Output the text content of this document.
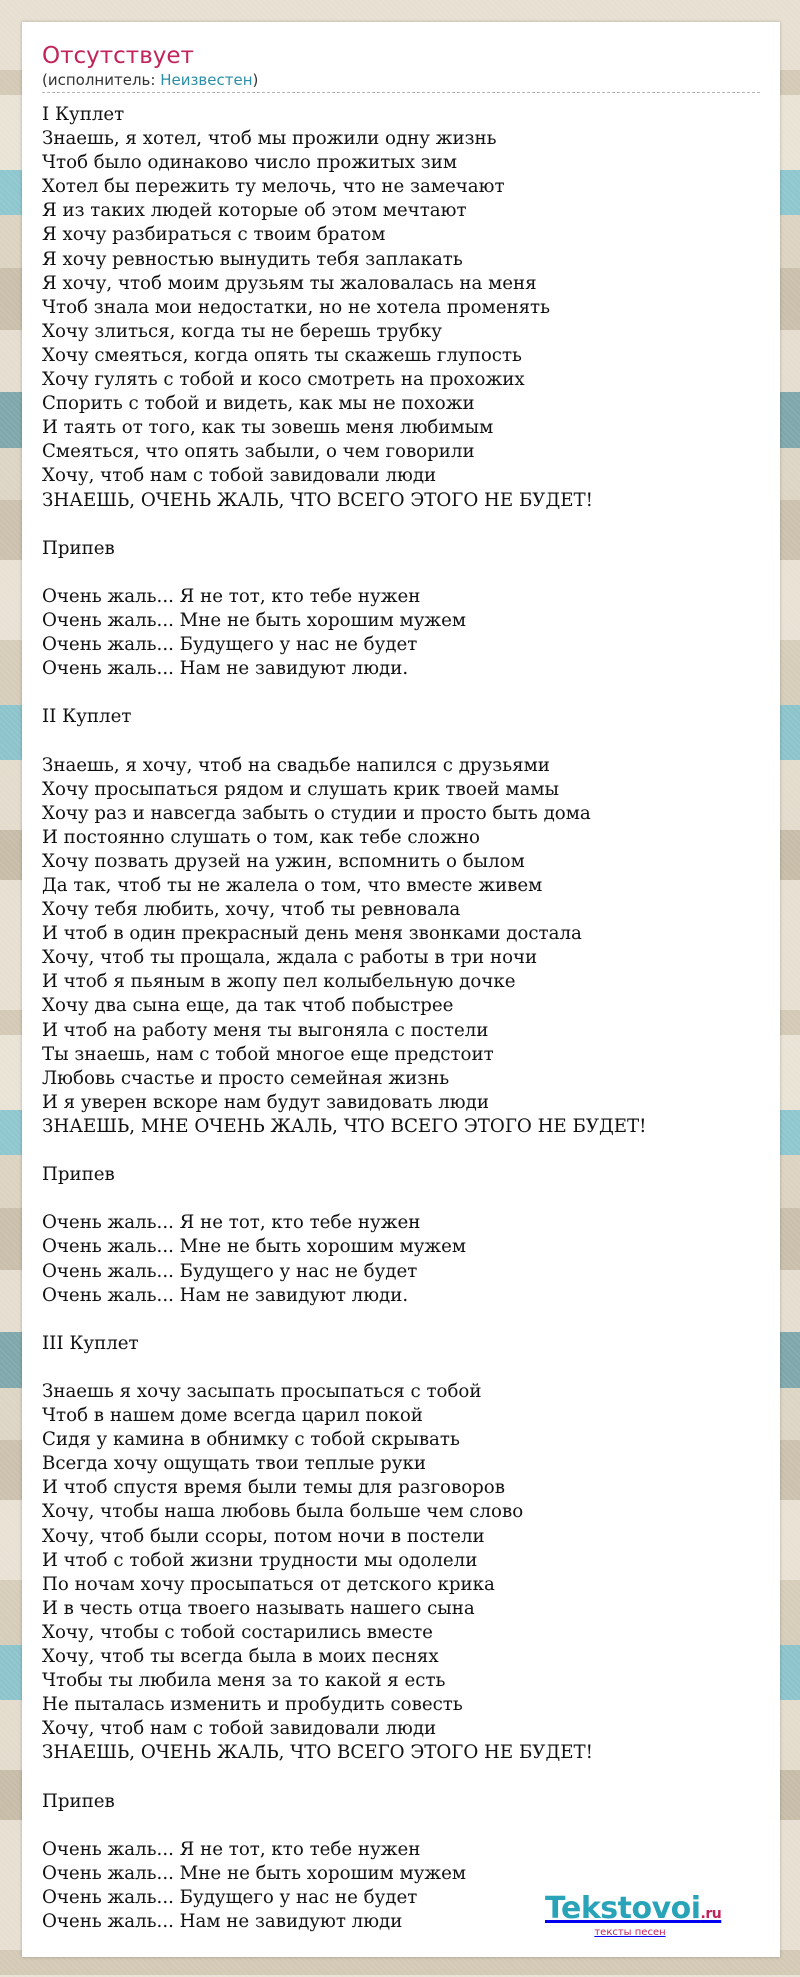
Отсутствует
(исполнитель: Неизвестен)
I Куплет
Знаешь, я хотел, чтоб мы прожили одну жизнь
Чтоб было одинаково число прожитых зим
Хотел бы пережить ту мелочь, что не замечают
Я из таких людей которые об этом мечтают
Я хочу разбираться с твоим братом
Я хочу ревностью вынудить тебя заплакать
Я хочу, чтоб моим друзьям ты жаловалась на меня
Чтоб знала мои недостатки, но не хотела променять
Хочу злиться, когда ты не берешь трубку
Хочу смеяться, когда опять ты скажешь глупость
Хочу гулять с тобой и косо смотреть на прохожих
Спорить с тобой и видеть, как мы не похожи
И таять от того, как ты зовешь меня любимым
Смеяться, что опять забыли, о чем говорили
Хочу, чтоб нам с тобой завидовали люди
ЗНАЕШЬ, ОЧЕНЬ ЖАЛЬ, ЧТО ВСЕГО ЭТОГО НЕ БУДЕТ!
Припев
Очень жаль... Я не тот, кто тебе нужен
Очень жаль... Мне не быть хорошим мужем
Очень жаль... Будущего у нас не будет
Очень жаль... Нам не завидуют люди.
II Куплет
Знаешь, я хочу, чтоб на свадьбе напился с друзьями
Хочу просыпаться рядом и слушать крик твоей мамы
Хочу раз и навсегда забыть о студии и просто быть дома
И постоянно слушать о том, как тебе сложно
Хочу позвать друзей на ужин, вспомнить о былом
Да так, чтоб ты не жалела о том, что вместе живем
Хочу тебя любить, хочу, чтоб ты ревновала
И чтоб в один прекрасный день меня звонками достала
Хочу, чтоб ты прощала, ждала с работы в три ночи
И чтоб я пьяным в жопу пел колыбельную дочке
Хочу два сына еще, да так чтоб побыстрее
И чтоб на работу меня ты выгоняла с постели
Ты знаешь, нам с тобой многое еще предстоит
Любовь счастье и просто семейная жизнь
И я уверен вскоре нам будут завидовать люди
ЗНАЕШЬ, МНЕ ОЧЕНЬ ЖАЛЬ, ЧТО ВСЕГО ЭТОГО НЕ БУДЕТ!
Припев
Очень жаль... Я не тот, кто тебе нужен
Очень жаль... Мне не быть хорошим мужем
Очень жаль... Будущего у нас не будет
Очень жаль... Нам не завидуют люди.
III Куплет
Знаешь я хочу засыпать просыпаться с тобой
Чтоб в нашем доме всегда царил покой
Сидя у камина в обнимку с тобой скрывать
Всегда хочу ощущать твои теплые руки
И чтоб спустя время были темы для разговоров
Хочу, чтобы наша любовь была больше чем слово
Хочу, чтоб были ссоры, потом ночи в постели
И чтоб с тобой жизни трудности мы одолели
По ночам хочу просыпаться от детского крика
И в честь отца твоего называть нашего сына
Хочу, чтобы с тобой состарились вместе
Хочу, чтоб ты всегда была в моих песнях
Чтобы ты любила меня за то какой я есть
Не пыталась изменить и пробудить совесть
Хочу, чтоб нам с тобой завидовали люди
ЗНАЕШЬ, ОЧЕНЬ ЖАЛЬ, ЧТО ВСЕГО ЭТОГО НЕ БУДЕТ!
Припев
Очень жаль... Я не тот, кто тебе нужен
Очень жаль... Мне не быть хорошим мужем
Очень жаль... Будущего у нас не будет
Очень жаль... Нам не завидуют люди	Tekstovoi.ru
тексты песен
